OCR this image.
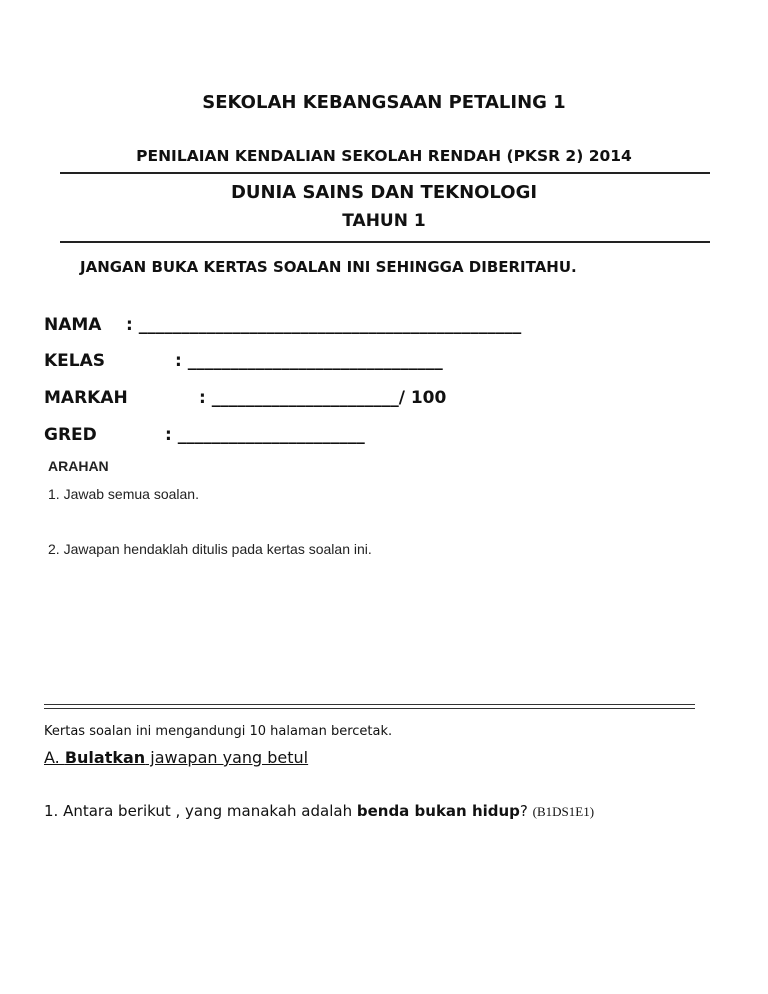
SEKOLAH KEBANGSAAN PETALING 1
PENILAIAN KENDALIAN SEKOLAH RENDAH (PKSR 2) 2014
DUNIA SAINS DAN TEKNOLOGI
TAHUN 1
JANGAN BUKA KERTAS SOALAN INI SEHINGGA DIBERITAHU.
NAMA : _____________________________________________
KELAS	: ______________________________
MARKAH	: ______________________/ 100
GRED	: ______________________
ARAHAN
1. Jawab semua soalan.
2. Jawapan hendaklah ditulis pada kertas soalan ini.
Kertas soalan ini mengandungi 10 halaman bercetak.
A. Bulatkan jawapan yang betul
1. Antara berikut , yang manakah adalah benda bukan hidup? (B1DS1E1)
